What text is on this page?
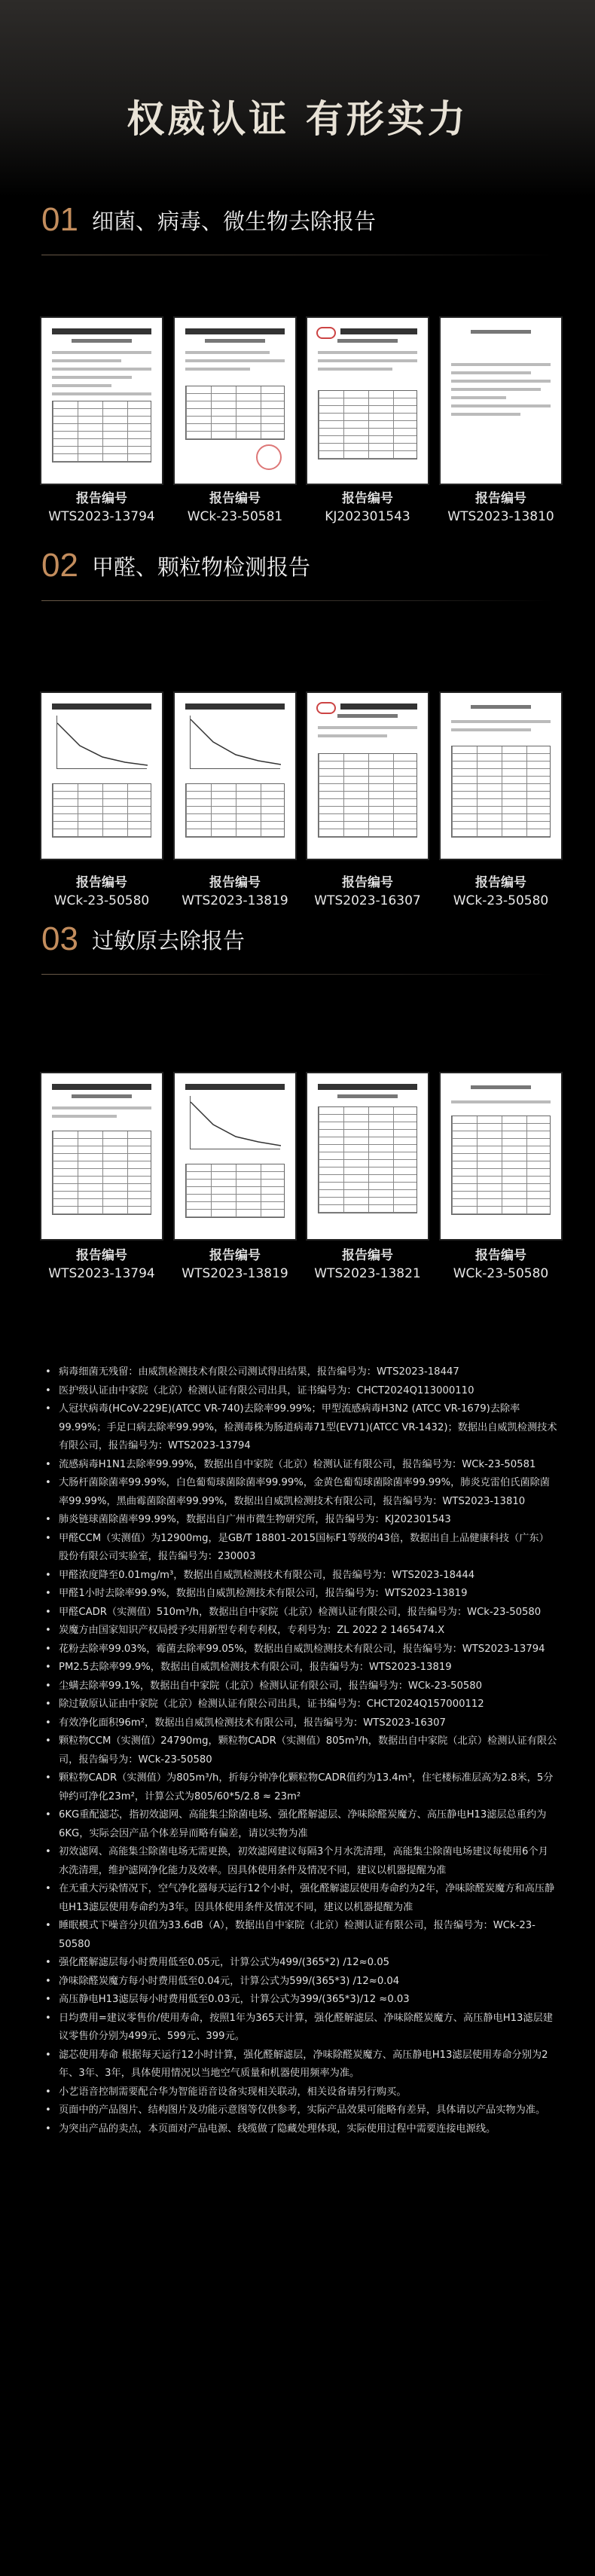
权威认证 有形实力
01 细菌、病毒、微生物去除报告
02 甲醛、颗粒物检测报告
03 过敏原去除报告
报告编号
WTS2023-13794
报告编号
WCk-23-50581
报告编号
KJ202301543
报告编号
WTS2023-13810
报告编号
WCk-23-50580
报告编号
WTS2023-13819
报告编号
WTS2023-16307
报告编号
WCk-23-50580
报告编号
WTS2023-13794
报告编号
WTS2023-13819
报告编号
WTS2023-13821
报告编号
WCk-23-50580
• 病毒细菌无残留：由威凯检测技术有限公司测试得出结果，报告编号为：WTS2023-18447
• 医护级认证由中家院（北京）检测认证有限公司出具，证书编号为：CHCT2024Q113000110
• 人冠状病毒(HCoV-229E)(ATCC VR-740)去除率99.99%；甲型流感病毒H3N2 (ATCC VR-1679)去除率99.99%；手足口病去除率99.99%，检测毒株为肠道病毒71型(EV71)(ATCC VR-1432)；数据出自威凯检测技术有限公司，报告编号为：WTS2023-13794
• 流感病毒H1N1去除率99.99%，数据出自中家院（北京）检测认证有限公司，报告编号为：WCk-23-50581
• 大肠杆菌除菌率99.99%，白色葡萄球菌除菌率99.99%，金黄色葡萄球菌除菌率99.99%，肺炎克雷伯氏菌除菌率99.99%，黑曲霉菌除菌率99.99%，数据出自威凯检测技术有限公司，报告编号为：WTS2023-13810
• 肺炎链球菌除菌率99.99%，数据出自广州市微生物研究所，报告编号为：KJ202301543
• 甲醛CCM（实测值）为12900mg，是GB/T 18801-2015国标F1等级的43倍，数据出自上品健康科技（广东）股份有限公司实验室，报告编号为：230003
• 甲醛浓度降至0.01mg/m³，数据出自威凯检测技术有限公司，报告编号为：WTS2023-18444
• 甲醛1小时去除率99.9%，数据出自威凯检测技术有限公司，报告编号为：WTS2023-13819
• 甲醛CADR（实测值）510m³/h，数据出自中家院（北京）检测认证有限公司，报告编号为：WCk-23-50580
• 炭魔方由国家知识产权局授予实用新型专利专利权，专利号为：ZL 2022 2 1465474.X
• 花粉去除率99.03%，霉菌去除率99.05%，数据出自威凯检测技术有限公司，报告编号为：WTS2023-13794
• PM2.5去除率99.9%，数据出自威凯检测技术有限公司，报告编号为：WTS2023-13819
• 尘螨去除率99.1%，数据出自中家院（北京）检测认证有限公司，报告编号为：WCk-23-50580
• 除过敏原认证由中家院（北京）检测认证有限公司出具，证书编号为：CHCT2024Q157000112
• 有效净化面积96m²，数据出自威凯检测技术有限公司，报告编号为：WTS2023-16307
• 颗粒物CCM（实测值）24790mg，颗粒物CADR（实测值）805m³/h，数据出自中家院（北京）检测认证有限公司，报告编号为：WCk-23-50580
• 颗粒物CADR（实测值）为805m³/h，折每分钟净化颗粒物CADR值约为13.4m³，住宅楼标准层高为2.8米，5分钟约可净化23m²，计算公式为805/60*5/2.8 ≈ 23m²
• 6KG重配滤芯，指初效滤网、高能集尘除菌电场、强化醛解滤层、净味除醛炭魔方、高压静电H13滤层总重约为6KG，实际会因产品个体差异而略有偏差，请以实物为准
• 初效滤网、高能集尘除菌电场无需更换，初效滤网建议每隔3个月水洗清理，高能集尘除菌电场建议每使用6个月水洗清理，维护滤网净化能力及效率。因具体使用条件及情况不同，建议以机器提醒为准
• 在无重大污染情况下，空气净化器每天运行12个小时，强化醛解滤层使用寿命约为2年，净味除醛炭魔方和高压静电H13滤层使用寿命约为3年。因具体使用条件及情况不同，建议以机器提醒为准
• 睡眠模式下噪音分贝值为33.6dB（A），数据出自中家院（北京）检测认证有限公司，报告编号为：WCk-23-50580
• 强化醛解滤层每小时费用低至0.05元，计算公式为499/(365*2) /12≈0.05
• 净味除醛炭魔方每小时费用低至0.04元，计算公式为599/(365*3) /12≈0.04
• 高压静电H13滤层每小时费用低至0.03元，计算公式为399/(365*3)/12 ≈0.03
• 日均费用=建议零售价/使用寿命，按照1年为365天计算，强化醛解滤层、净味除醛炭魔方、高压静电H13滤层建议零售价分别为499元、599元、399元。
• 滤芯使用寿命 根据每天运行12小时计算，强化醛解滤层，净味除醛炭魔方、高压静电H13滤层使用寿命分别为2年、3年、3年，具体使用情况以当地空气质量和机器使用频率为准。
• 小艺语音控制需要配合华为智能语音设备实现相关联动，相关设备请另行购买。
• 页面中的产品图片、结构图片及功能示意图等仅供参考，实际产品效果可能略有差异，具体请以产品实物为准。
• 为突出产品的卖点，本页面对产品电源、线缆做了隐藏处理体现，实际使用过程中需要连接电源线。
